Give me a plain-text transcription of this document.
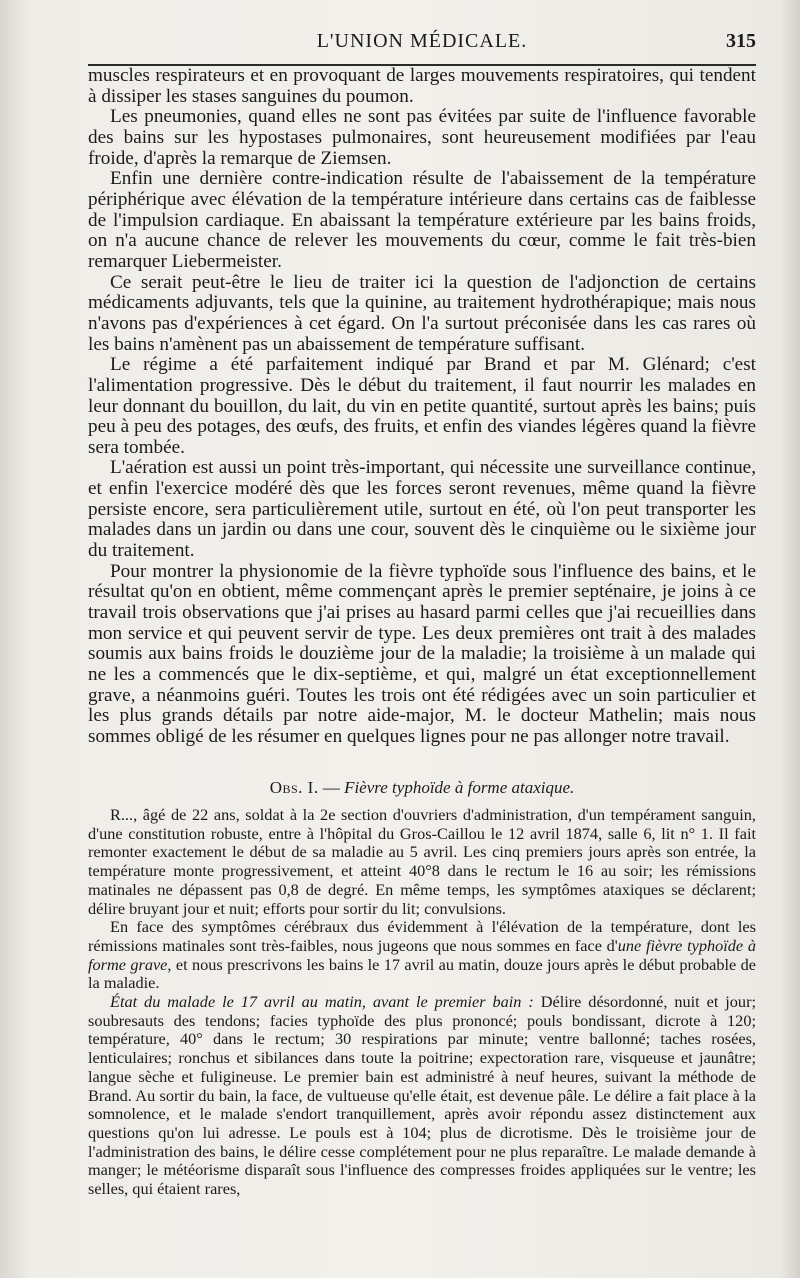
L'UNION MÉDICALE.	315

muscles respirateurs et en provoquant de larges mouvements respiratoires, qui tendent à dissiper les stases sanguines du poumon.

Les pneumonies, quand elles ne sont pas évitées par suite de l'influence favorable des bains sur les hypostases pulmonaires, sont heureusement modifiées par l'eau froide, d'après la remarque de Ziemsen.

Enfin une dernière contre-indication résulte de l'abaissement de la température périphérique avec élévation de la température intérieure dans certains cas de faiblesse de l'impulsion cardiaque. En abaissant la température extérieure par les bains froids, on n'a aucune chance de relever les mouvements du cœur, comme le fait très-bien remarquer Liebermeister.

Ce serait peut-être le lieu de traiter ici la question de l'adjonction de certains médicaments adjuvants, tels que la quinine, au traitement hydrothérapique; mais nous n'avons pas d'expériences à cet égard. On l'a surtout préconisée dans les cas rares où les bains n'amènent pas un abaissement de température suffisant.

Le régime a été parfaitement indiqué par Brand et par M. Glénard; c'est l'alimentation progressive. Dès le début du traitement, il faut nourrir les malades en leur donnant du bouillon, du lait, du vin en petite quantité, surtout après les bains; puis peu à peu des potages, des œufs, des fruits, et enfin des viandes légères quand la fièvre sera tombée.

L'aération est aussi un point très-important, qui nécessite une surveillance continue, et enfin l'exercice modéré dès que les forces seront revenues, même quand la fièvre persiste encore, sera particulièrement utile, surtout en été, où l'on peut transporter les malades dans un jardin ou dans une cour, souvent dès le cinquième ou le sixième jour du traitement.

Pour montrer la physionomie de la fièvre typhoïde sous l'influence des bains, et le résultat qu'on en obtient, même commençant après le premier septénaire, je joins à ce travail trois observations que j'ai prises au hasard parmi celles que j'ai recueillies dans mon service et qui peuvent servir de type. Les deux premières ont trait à des malades soumis aux bains froids le douzième jour de la maladie; la troisième à un malade qui ne les a commencés que le dix-septième, et qui, malgré un état exceptionnellement grave, a néanmoins guéri. Toutes les trois ont été rédigées avec un soin particulier et les plus grands détails par notre aide-major, M. le docteur Mathelin; mais nous sommes obligé de les résumer en quelques lignes pour ne pas allonger notre travail.

Obs. I. — Fièvre typhoïde à forme ataxique.

R..., âgé de 22 ans, soldat à la 2e section d'ouvriers d'administration, d'un tempérament sanguin, d'une constitution robuste, entre à l'hôpital du Gros-Caillou le 12 avril 1874, salle 6, lit n° 1. Il fait remonter exactement le début de sa maladie au 5 avril. Les cinq premiers jours après son entrée, la température monte progressivement, et atteint 40°8 dans le rectum le 16 au soir; les rémissions matinales ne dépassent pas 0,8 de degré. En même temps, les symptômes ataxiques se déclarent; délire bruyant jour et nuit; efforts pour sortir du lit; convulsions.

En face des symptômes cérébraux dus évidemment à l'élévation de la température, dont les rémissions matinales sont très-faibles, nous jugeons que nous sommes en face d'une fièvre typhoïde à forme grave, et nous prescrivons les bains le 17 avril au matin, douze jours après le début probable de la maladie.

État du malade le 17 avril au matin, avant le premier bain : Délire désordonné, nuit et jour; soubresauts des tendons; facies typhoïde des plus prononcé; pouls bondissant, dicrote à 120; température, 40° dans le rectum; 30 respirations par minute; ventre ballonné; taches rosées, lenticulaires; ronchus et sibilances dans toute la poitrine; expectoration rare, visqueuse et jaunâtre; langue sèche et fuligineuse. Le premier bain est administré à neuf heures, suivant la méthode de Brand. Au sortir du bain, la face, de vultueuse qu'elle était, est devenue pâle. Le délire a fait place à la somnolence, et le malade s'endort tranquillement, après avoir répondu assez distinctement aux questions qu'on lui adresse. Le pouls est à 104; plus de dicrotisme. Dès le troisième jour de l'administration des bains, le délire cesse complétement pour ne plus reparaître. Le malade demande à manger; le météorisme disparaît sous l'influence des compresses froides appliquées sur le ventre; les selles, qui étaient rares,
